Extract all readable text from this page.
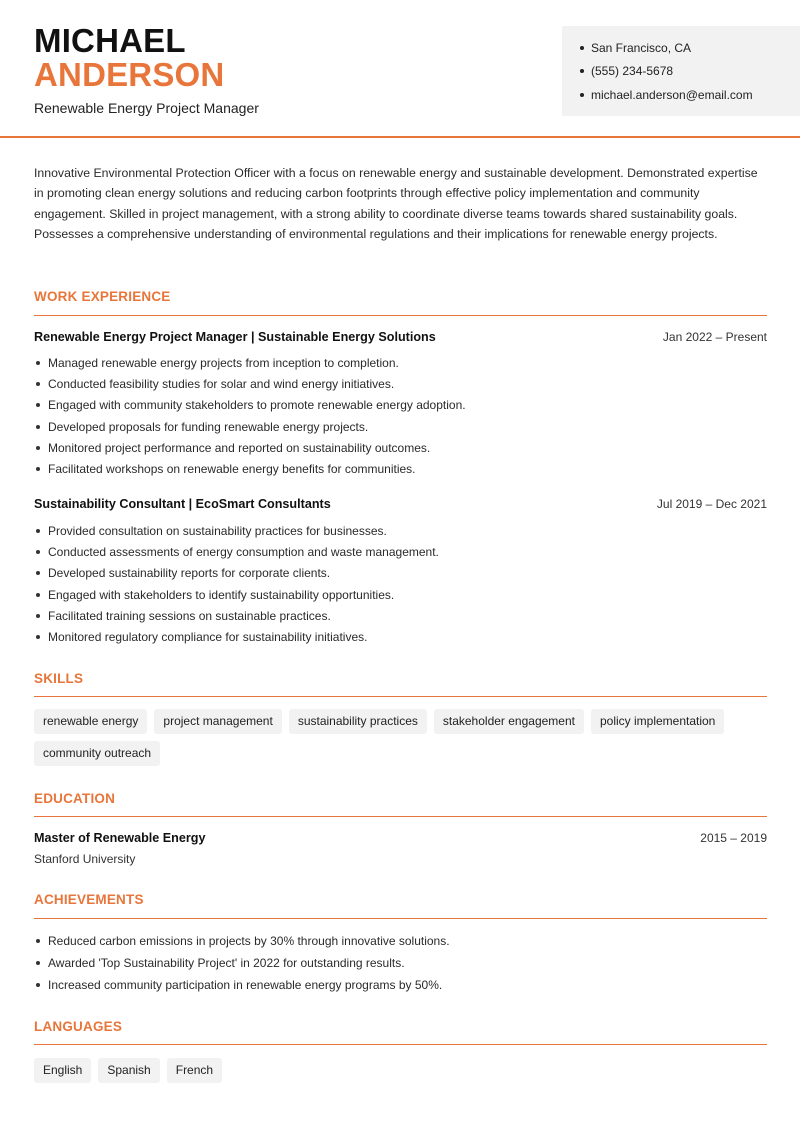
MICHAEL
ANDERSON
Renewable Energy Project Manager
San Francisco, CA
(555) 234-5678
michael.anderson@email.com

Innovative Environmental Protection Officer with a focus on renewable energy and sustainable development. Demonstrated expertise in promoting clean energy solutions and reducing carbon footprints through effective policy implementation and community engagement. Skilled in project management, with a strong ability to coordinate diverse teams towards shared sustainability goals. Possesses a comprehensive understanding of environmental regulations and their implications for renewable energy projects.

WORK EXPERIENCE
Renewable Energy Project Manager | Sustainable Energy Solutions	Jan 2022 – Present
Managed renewable energy projects from inception to completion.
Conducted feasibility studies for solar and wind energy initiatives.
Engaged with community stakeholders to promote renewable energy adoption.
Developed proposals for funding renewable energy projects.
Monitored project performance and reported on sustainability outcomes.
Facilitated workshops on renewable energy benefits for communities.
Sustainability Consultant | EcoSmart Consultants	Jul 2019 – Dec 2021
Provided consultation on sustainability practices for businesses.
Conducted assessments of energy consumption and waste management.
Developed sustainability reports for corporate clients.
Engaged with stakeholders to identify sustainability opportunities.
Facilitated training sessions on sustainable practices.
Monitored regulatory compliance for sustainability initiatives.
SKILLS
renewable energy	project management	sustainability practices	stakeholder engagement	policy implementation
community outreach
EDUCATION
Master of Renewable Energy	2015 – 2019
Stanford University
ACHIEVEMENTS
Reduced carbon emissions in projects by 30% through innovative solutions.
Awarded 'Top Sustainability Project' in 2022 for outstanding results.
Increased community participation in renewable energy programs by 50%.
LANGUAGES
English	Spanish	French
